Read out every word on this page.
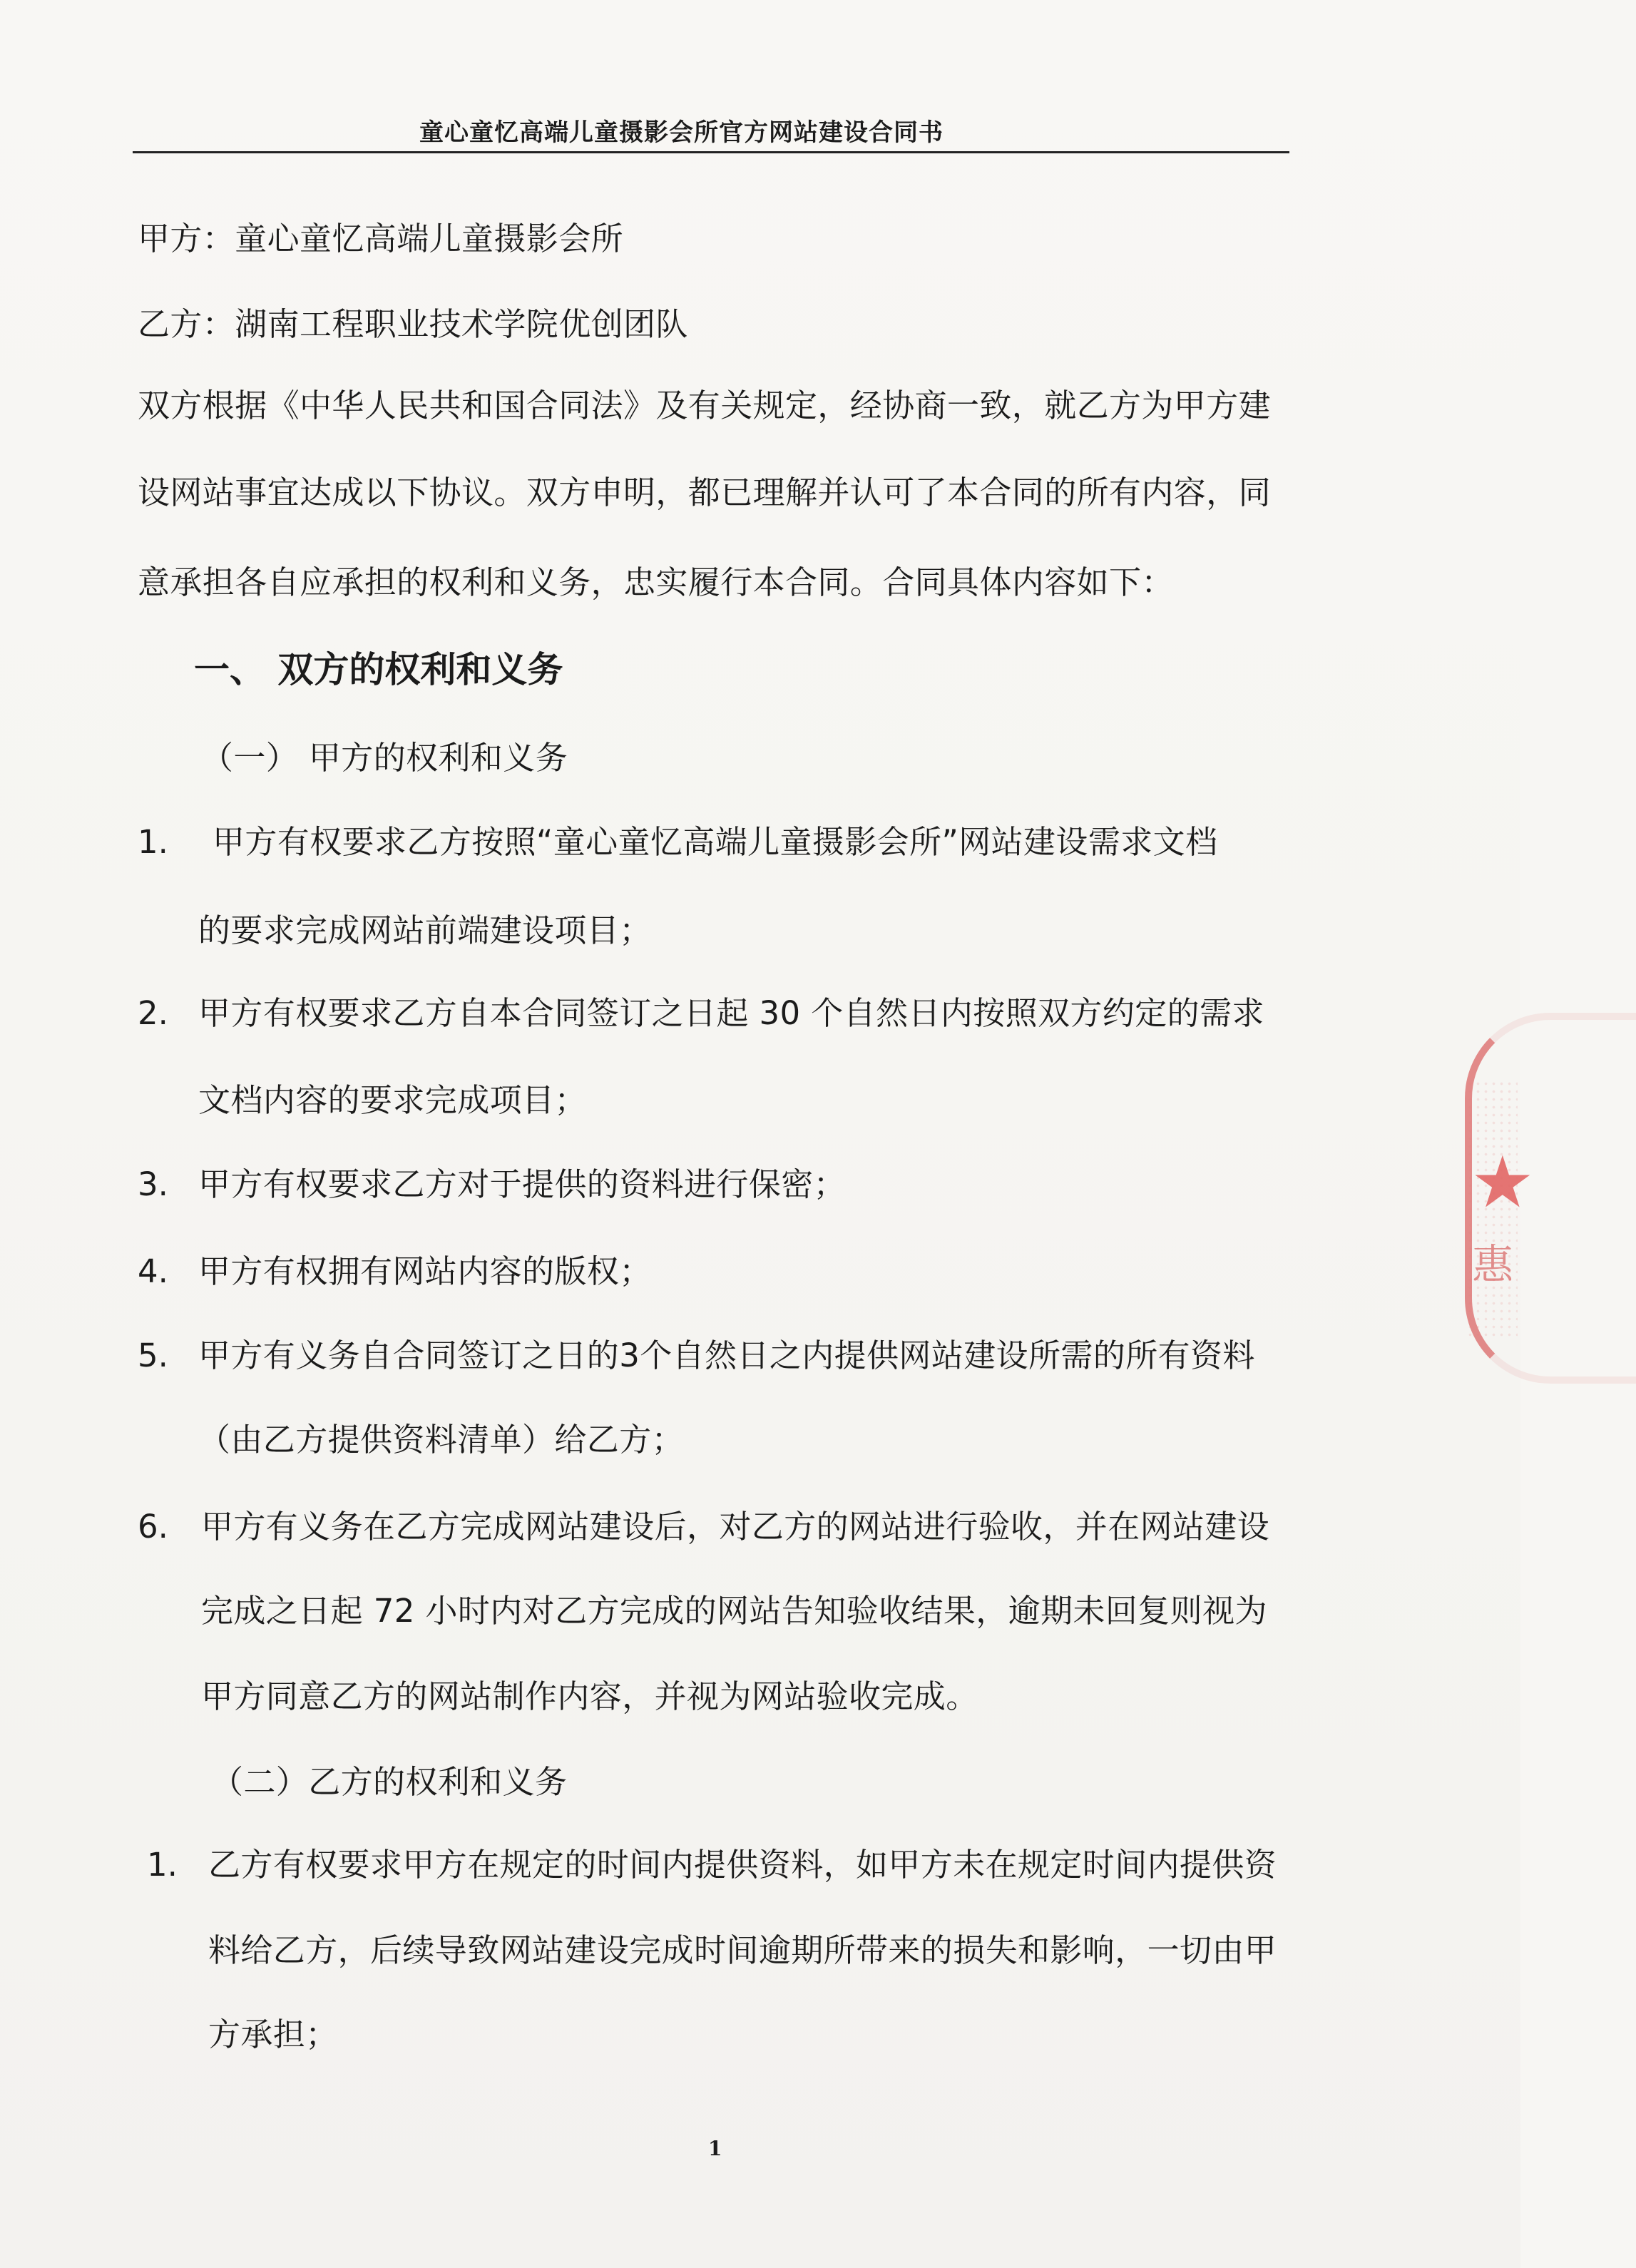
童心童忆高端儿童摄影会所官方网站建设合同书
甲方：童心童忆高端儿童摄影会所
乙方：湖南工程职业技术学院优创团队
双方根据《中华人民共和国合同法》及有关规定，经协商一致，就乙方为甲方建
设网站事宜达成以下协议。双方申明，都已理解并认可了本合同的所有内容，同
意承担各自应承担的权利和义务，忠实履行本合同。合同具体内容如下：
一、 双方的权利和义务
（一） 甲方的权利和义务
1. 甲方有权要求乙方按照“童心童忆高端儿童摄影会所”网站建设需求文档
的要求完成网站前端建设项目；
2. 甲方有权要求乙方自本合同签订之日起 30 个自然日内按照双方约定的需求
文档内容的要求完成项目；
3. 甲方有权要求乙方对于提供的资料进行保密；
4. 甲方有权拥有网站内容的版权；
5. 甲方有义务自合同签订之日的3个自然日之内提供网站建设所需的所有资料
（由乙方提供资料清单）给乙方；
6. 甲方有义务在乙方完成网站建设后，对乙方的网站进行验收，并在网站建设
完成之日起 72 小时内对乙方完成的网站告知验收结果，逾期未回复则视为
甲方同意乙方的网站制作内容，并视为网站验收完成。
（二）乙方的权利和义务
1. 乙方有权要求甲方在规定的时间内提供资料，如甲方未在规定时间内提供资
料给乙方，后续导致网站建设完成时间逾期所带来的损失和影响，一切由甲
方承担；
1
★
惠
